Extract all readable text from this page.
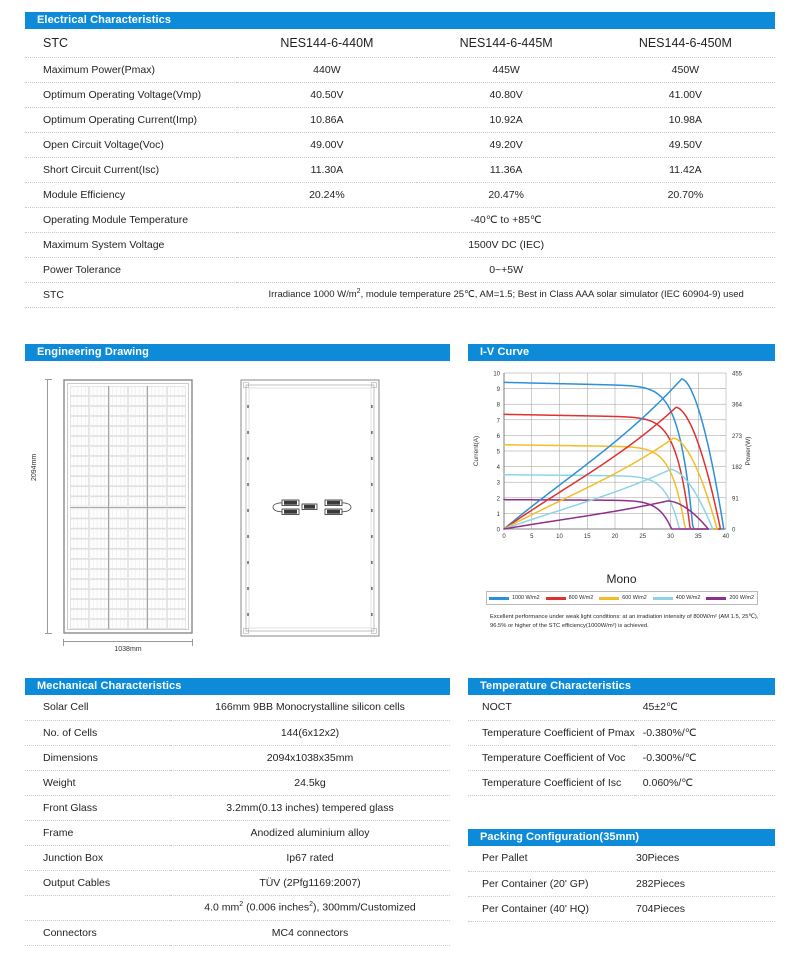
Electrical Characteristics
STC	NES144-6-440M	NES144-6-445M	NES144-6-450M
Maximum Power(Pmax)	440W	445W	450W
Optimum Operating Voltage(Vmp)	40.50V	40.80V	41.00V
Optimum Operating Current(Imp)	10.86A	10.92A	10.98A
Open Circuit Voltage(Voc)	49.00V	49.20V	49.50V
Short Circuit Current(Isc)	11.30A	11.36A	11.42A
Module Efficiency	20.24%	20.47%	20.70%
Operating Module Temperature	-40℃ to +85℃		
Maximum System Voltage	1500V DC (IEC)		
Power Tolerance	0~+5W		
STC	Irradiance 1000 $W/m^2$, module temperature 25℃, AM=1.5; Best in Class AAA solar simulator (IEC 60904-9) used		
Engineering Drawing
2094mm
1038mm
I-V Curve
0
1
2
3
4
5
6
7
8
9
10
0	5	10	15	20	25	30	35	40
0
91
182
273
364
455
Current(A)	Power(W)
Mono
1000 W/m2	800 W/m2	600 W/m2	400 W/m2	200 W/m2
Excellent performance under weak light conditions: at an irradiation intensity of 800W/m² (AM 1.5, 25℃), 96.5% or higher of the STC efficiency(1000W/m²) is achieved.
Mechanical Characteristics
Solar Cell	166mm 9BB Monocrystalline silicon cells
No. of Cells	144(6x12x2)
Dimensions	2094x1038x35mm
Weight	24.5kg
Front Glass	3.2mm(0.13 inches) tempered glass
Frame	Anodized aluminium alloy
Junction Box	Ip67 rated
Output Cables	TÜV (2Pfg1169:2007)
	4.0 $mm^2$ (0.006 inches$^2$), 300mm/Customized
Connectors	MC4 connectors
Temperature Characteristics
NOCT	45±2℃
Temperature Coefficient of Pmax	-0.380%/℃
Temperature Coefficient of Voc	-0.300%/℃
Temperature Coefficient of Isc	0.060%/℃
Packing Configuration(35mm)
Per Pallet	30Pieces
Per Container (20' GP)	282Pieces
Per Container (40' HQ)	704Pieces
